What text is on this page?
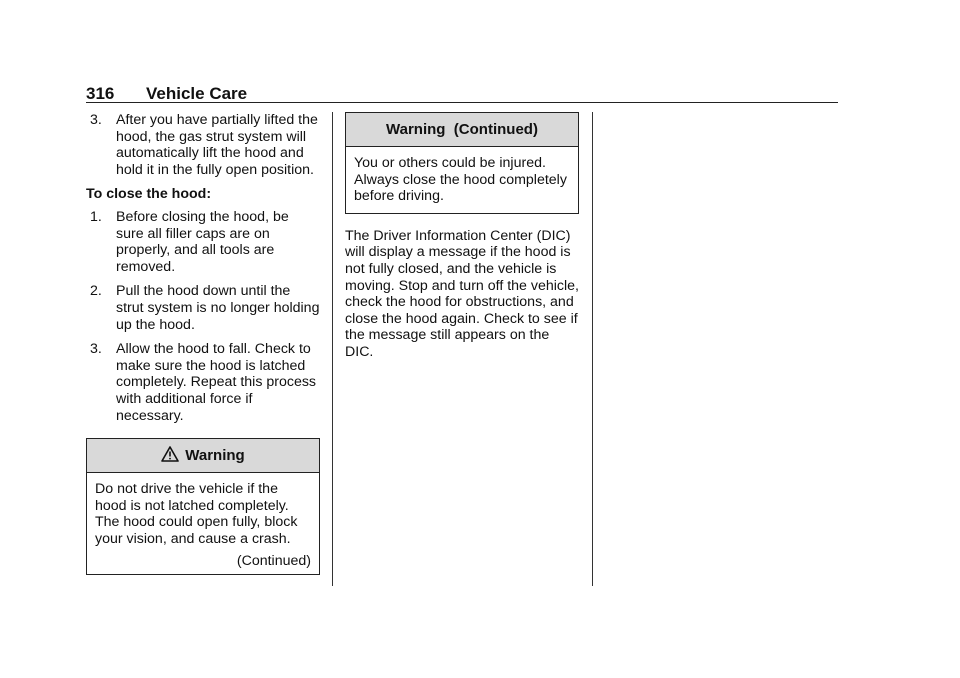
316 Vehicle Care
3. After you have partially lifted the hood, the gas strut system will automatically lift the hood and hold it in the fully open position.
To close the hood:
1. Before closing the hood, be sure all filler caps are on properly, and all tools are removed.
2. Pull the hood down until the strut system is no longer holding up the hood.
3. Allow the hood to fall. Check to make sure the hood is latched completely. Repeat this process with additional force if necessary.
Warning
Do not drive the vehicle if the hood is not latched completely. The hood could open fully, block your vision, and cause a crash.
(Continued)
Warning  (Continued)
You or others could be injured. Always close the hood completely before driving.

The Driver Information Center (DIC) will display a message if the hood is not fully closed, and the vehicle is moving. Stop and turn off the vehicle, check the hood for obstructions, and close the hood again. Check to see if the message still appears on the DIC.
